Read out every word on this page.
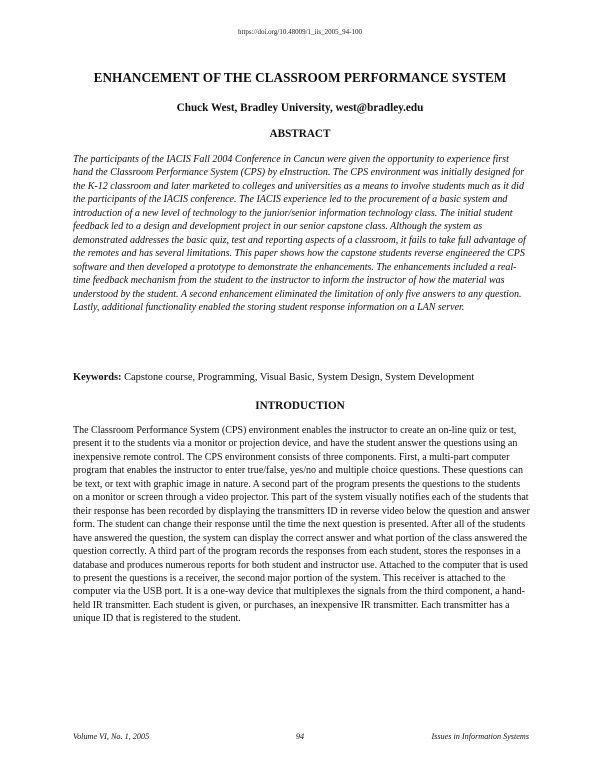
https://doi.org/10.48009/1_iis_2005_94-100
ENHANCEMENT OF THE CLASSROOM PERFORMANCE SYSTEM
Chuck West, Bradley University, west@bradley.edu
ABSTRACT

The participants of the IACIS Fall 2004 Conference in Cancun were given the opportunity to experience first hand the Classroom Performance System (CPS) by eInstruction. The CPS environment was initially designed for the K-12 classroom and later marketed to colleges and universities as a means to involve students much as it did the participants of the IACIS conference. The IACIS experience led to the procurement of a basic system and introduction of a new level of technology to the junior/senior information technology class. The initial student feedback led to a design and development project in our senior capstone class. Although the system as demonstrated addresses the basic quiz, test and reporting aspects of a classroom, it fails to take full advantage of the remotes and has several limitations. This paper shows how the capstone students reverse engineered the CPS software and then developed a prototype to demonstrate the enhancements. The enhancements included a real-time feedback mechanism from the student to the instructor to inform the instructor of how the material was understood by the student. A second enhancement eliminated the limitation of only five answers to any question. Lastly, additional functionality enabled the storing student response information on a LAN server.

Keywords: Capstone course, Programming, Visual Basic, System Design, System Development

INTRODUCTION

The Classroom Performance System (CPS) environment enables the instructor to create an on-line quiz or test, present it to the students via a monitor or projection device, and have the student answer the questions using an inexpensive remote control. The CPS environment consists of three components. First, a multi-part computer program that enables the instructor to enter true/false, yes/no and multiple choice questions. These questions can be text, or text with graphic image in nature. A second part of the program presents the questions to the students on a monitor or screen through a video projector. This part of the system visually notifies each of the students that their response has been recorded by displaying the transmitters ID in reverse video below the question and answer form. The student can change their response until the time the next question is presented. After all of the students have answered the question, the system can display the correct answer and what portion of the class answered the question correctly. A third part of the program records the responses from each student, stores the responses in a database and produces numerous reports for both student and instructor use. Attached to the computer that is used to present the questions is a receiver, the second major portion of the system. This receiver is attached to the computer via the USB port. It is a one-way device that multiplexes the signals from the third component, a hand-held IR transmitter. Each student is given, or purchases, an inexpensive IR transmitter. Each transmitter has a unique ID that is registered to the student.

Volume VI, No. 1, 2005	94	Issues in Information Systems
